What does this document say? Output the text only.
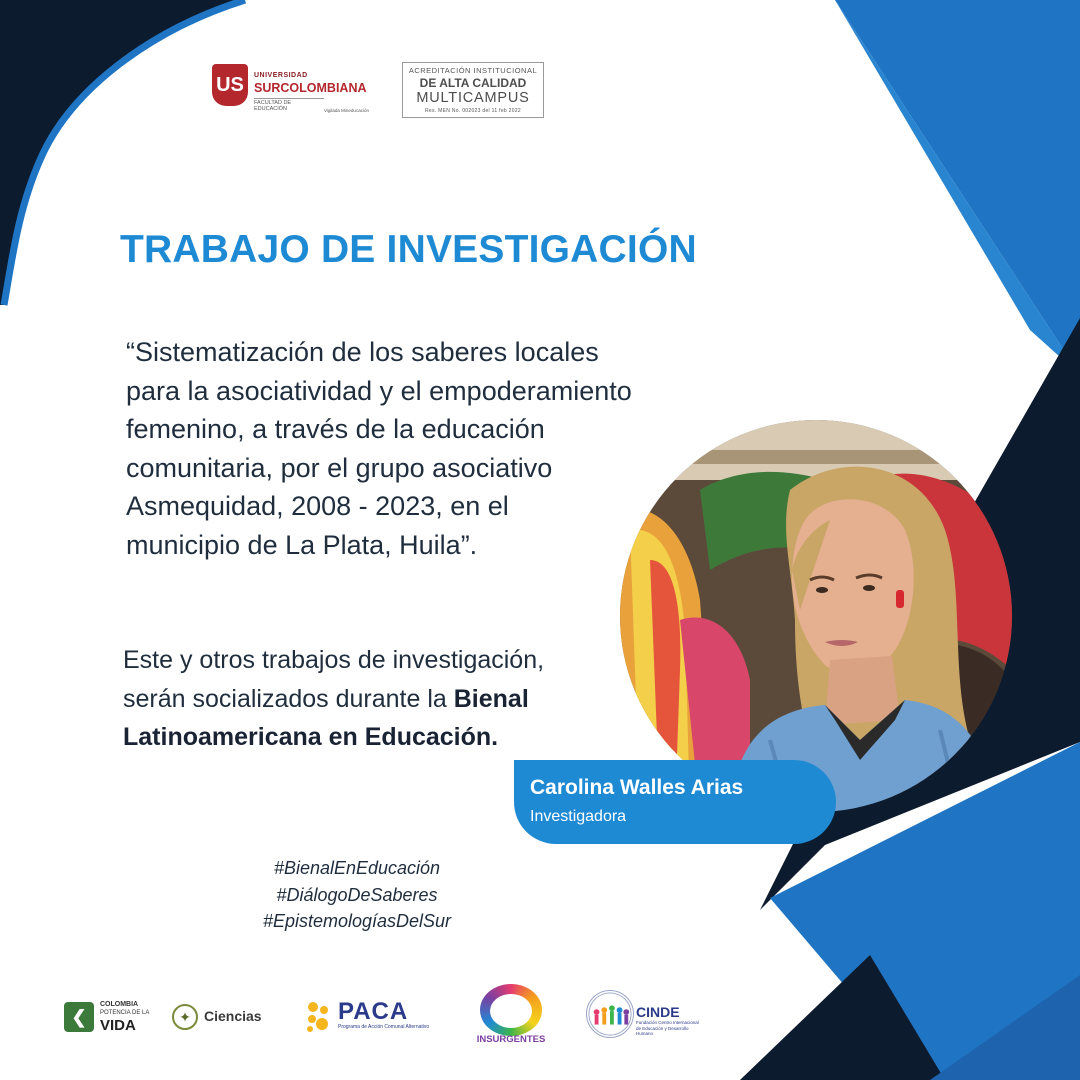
US	UNIVERSIDAD
SURCOLOMBIANA
FACULTAD DE EDUCACIÓN	Vigilada Mineducación
ACREDITACIÓN INSTITUCIONAL
DE ALTA CALIDAD
MULTICAMPUS
Res. MEN No. 002023 del 11 feb 2022
TRABAJO DE INVESTIGACIÓN
“Sistematización de los saberes locales
para la asociatividad y el empoderamiento
femenino, a través de la educación
comunitaria, por el grupo asociativo
Asmequidad, 2008 - 2023, en el
municipio de La Plata, Huila”.
Este y otros trabajos de investigación,
serán socializados durante la Bienal
Latinoamericana en Educación.
Carolina Walles Arias
Investigadora
#BienalEnEducación
#DiálogoDeSaberes
#EpistemologíasDelSur
❮
COLOMBIA
POTENCIA DE LA
VIDA
✦ Ciencias	PACA
Programa de Acción Comunal Alternativo
INSURGENTES
CINDE
Fundación Centro Internacional de Educación y Desarrollo Humano
